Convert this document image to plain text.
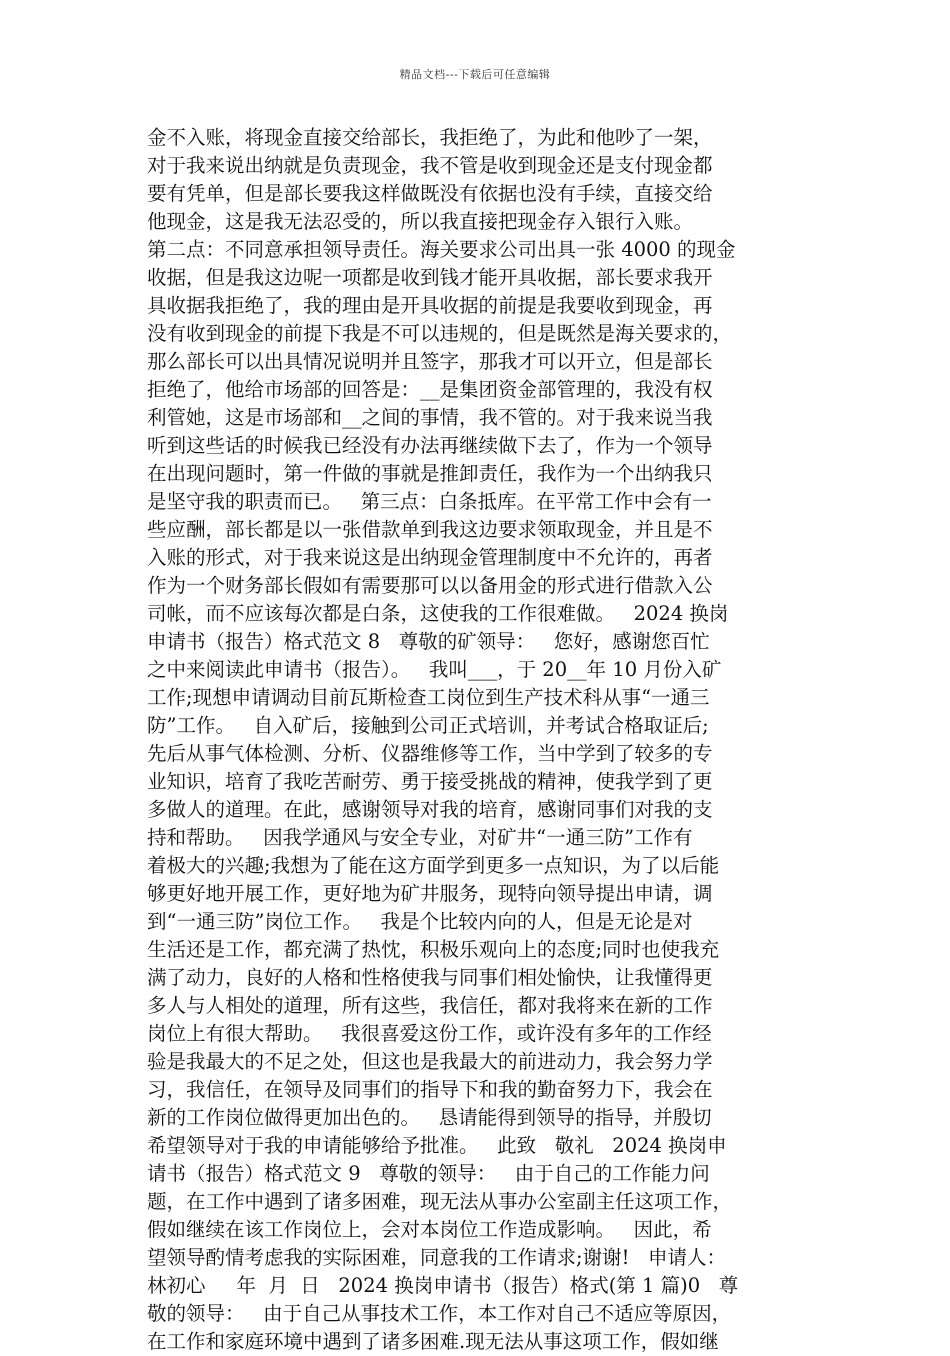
精品文档---下载后可任意编辑
金不入账，将现金直接交给部长，我拒绝了，为此和他吵了一架，
对于我来说出纳就是负责现金，我不管是收到现金还是支付现金都
要有凭单，但是部长要我这样做既没有依据也没有手续，直接交给
他现金，这是我无法忍受的，所以我直接把现金存入银行入账。
第二点：不同意承担领导责任。海关要求公司出具一张 4000 的现金
收据，但是我这边呢一项都是收到钱才能开具收据，部长要求我开
具收据我拒绝了，我的理由是开具收据的前提是我要收到现金，再
没有收到现金的前提下我是不可以违规的，但是既然是海关要求的，
那么部长可以出具情况说明并且签字，那我才可以开立，但是部长
拒绝了，他给市场部的回答是：__是集团资金部管理的，我没有权
利管她，这是市场部和__之间的事情，我不管的。对于我来说当我
听到这些话的时候我已经没有办法再继续做下去了，作为一个领导
在出现问题时，第一件做的事就是推卸责任，我作为一个出纳我只
是坚守我的职责而已。   第三点：白条抵库。在平常工作中会有一
些应酬，部长都是以一张借款单到我这边要求领取现金，并且是不
入账的形式，对于我来说这是出纳现金管理制度中不允许的，再者
作为一个财务部长假如有需要那可以以备用金的形式进行借款入公
司帐，而不应该每次都是白条，这使我的工作很难做。   2024 换岗
申请书（报告）格式范文 8   尊敬的矿领导：   您好，感谢您百忙
之中来阅读此申请书（报告）。   我叫___，于 20__年 10 月份入矿
工作;现想申请调动目前瓦斯检查工岗位到生产技术科从事“一通三
防”工作。   自入矿后，接触到公司正式培训，并考试合格取证后;
先后从事气体检测、分析、仪器维修等工作，当中学到了较多的专
业知识，培育了我吃苦耐劳、勇于接受挑战的精神，使我学到了更
多做人的道理。在此，感谢领导对我的培育，感谢同事们对我的支
持和帮助。   因我学通风与安全专业，对矿井“一通三防”工作有
着极大的兴趣;我想为了能在这方面学到更多一点知识，为了以后能
够更好地开展工作，更好地为矿井服务，现特向领导提出申请，调
到“一通三防”岗位工作。   我是个比较内向的人，但是无论是对
生活还是工作，都充满了热忱，积极乐观向上的态度;同时也使我充
满了动力，良好的人格和性格使我与同事们相处愉快，让我懂得更
多人与人相处的道理，所有这些，我信任，都对我将来在新的工作
岗位上有很大帮助。   我很喜爱这份工作，或许没有多年的工作经
验是我最大的不足之处，但这也是我最大的前进动力，我会努力学
习，我信任，在领导及同事们的指导下和我的勤奋努力下，我会在
新的工作岗位做得更加出色的。   恳请能得到领导的指导，并殷切
希望领导对于我的申请能够给予批准。   此致   敬礼   2024 换岗申
请书（报告）格式范文 9   尊敬的领导：   由于自己的工作能力问
题，在工作中遇到了诸多困难，现无法从事办公室副主任这项工作，
假如继续在该工作岗位上，会对本岗位工作造成影响。   因此，希
望领导酌情考虑我的实际困难，同意我的工作请求;谢谢!   申请人：
林初心     年  月  日   2024 换岗申请书（报告）格式(第 1 篇)0   尊
敬的领导：   由于自己从事技术工作，本工作对自己不适应等原因，
在工作和家庭环境中遇到了诸多困难.现无法从事这项工作，假如继
